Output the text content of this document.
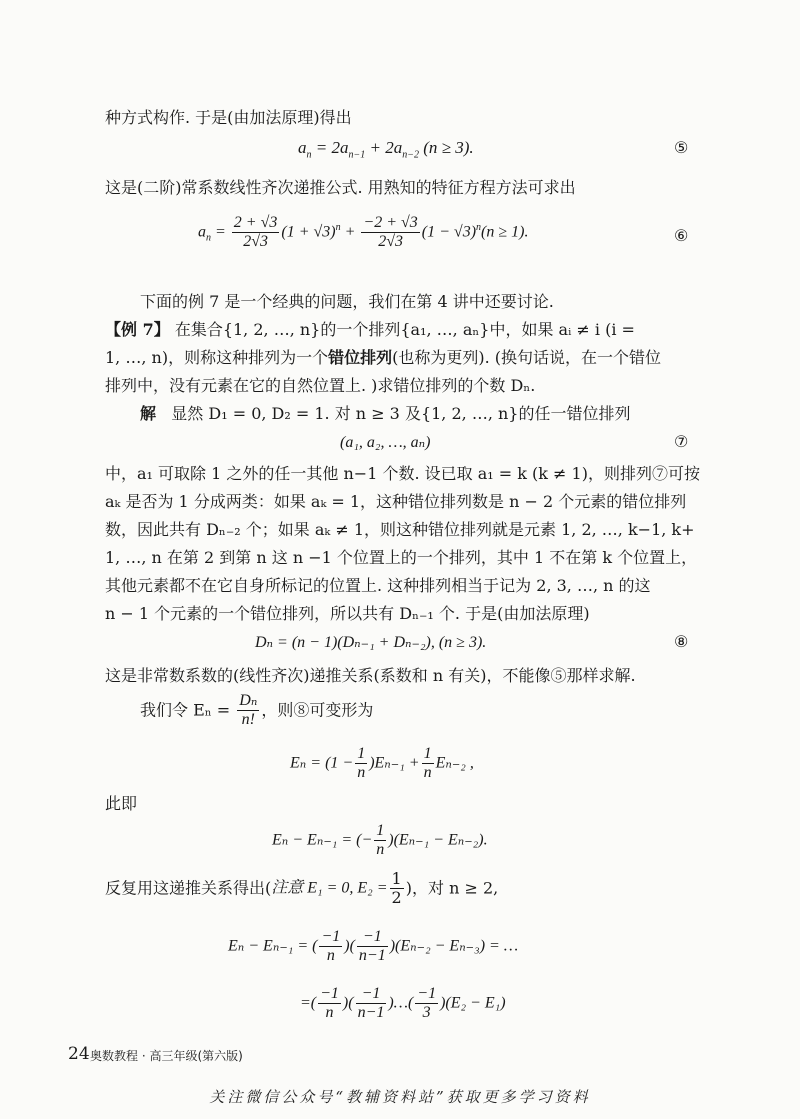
种方式构作. 于是(由加法原理)得出
$a_n = 2a_{n-1} + 2a_{n-2}$ (n ≥ 3).	⑤
这是(二阶)常系数线性齐次递推公式. 用熟知的特征方程方法可求出
$a_n = \frac{2 + √3}{2√3} (1 + √3)^n + \frac{-2 + √3}{2√3} (1 - √3)^n(n \ge 1)$.	⑥
下面的例 7 是一个经典的问题，我们在第 4 讲中还要讨论.
【例 7】 在集合{1, 2, …, n}的一个排列{a₁, …, aₙ}中，如果 aᵢ ≠ i (i =
1, …, n)，则称这种排列为一个错位排列(也称为更列). (换句话说，在一个错位
排列中，没有元素在它的自然位置上. )求错位排列的个数 Dₙ.
解 显然 D₁ = 0, D₂ = 1. 对 n ≥ 3 及{1, 2, …, n}的任一错位排列
(a₁, a₂, …, aₙ)	⑦
中，a₁ 可取除 1 之外的任一其他 n−1 个数. 设已取 a₁ = k (k ≠ 1)，则排列⑦可按
aₖ 是否为 1 分成两类：如果 aₖ = 1，这种错位排列数是 n − 2 个元素的错位排列
数，因此共有 Dₙ₋₂ 个；如果 aₖ ≠ 1，则这种错位排列就是元素 1, 2, …, k−1, k+
1, …, n 在第 2 到第 n 这 n −1 个位置上的一个排列，其中 1 不在第 k 个位置上，
其他元素都不在它自身所标记的位置上. 这种排列相当于记为 2, 3, …, n 的这
n − 1 个元素的一个错位排列，所以共有 Dₙ₋₁ 个. 于是(由加法原理)
Dₙ = (n − 1)(Dₙ₋₁ + Dₙ₋₂), (n ≥ 3).	⑧
这是非常数系数的(线性齐次)递推关系(系数和 n 有关)，不能像⑤那样求解.
我们令 $E_n = \frac{\text{Dₙ}}{n!}$ ，则⑧可变形为
$E_n = (1 - \frac{1}{n} )E_{n-1} + \frac{1}{n} E_{n-2}$ ,
此即
Eₙ − Eₙ₋₁ = (− $\frac{1}{n} )(E_{n-1} - E_{n-2})$.
反复用这递推关系得出(注意 E₁ = 0, $E_2 = \frac{1}{2}$ )，对 n ≥ 2,
Eₙ − Eₙ₋₁ = ( $\frac{-1}{n}$ )( $\frac{-1}{n-1} )(E_{n-2} - E_{n-3})$ = …
=( $\frac{-1}{n}$ )( $\frac{-1}{n-1}$ )…( $\frac{-1}{3} )(E_2 - E_1)$
24 奥数教程 · 高三年级(第六版)
关注微信公众号“教辅资料站”获取更多学习资料
